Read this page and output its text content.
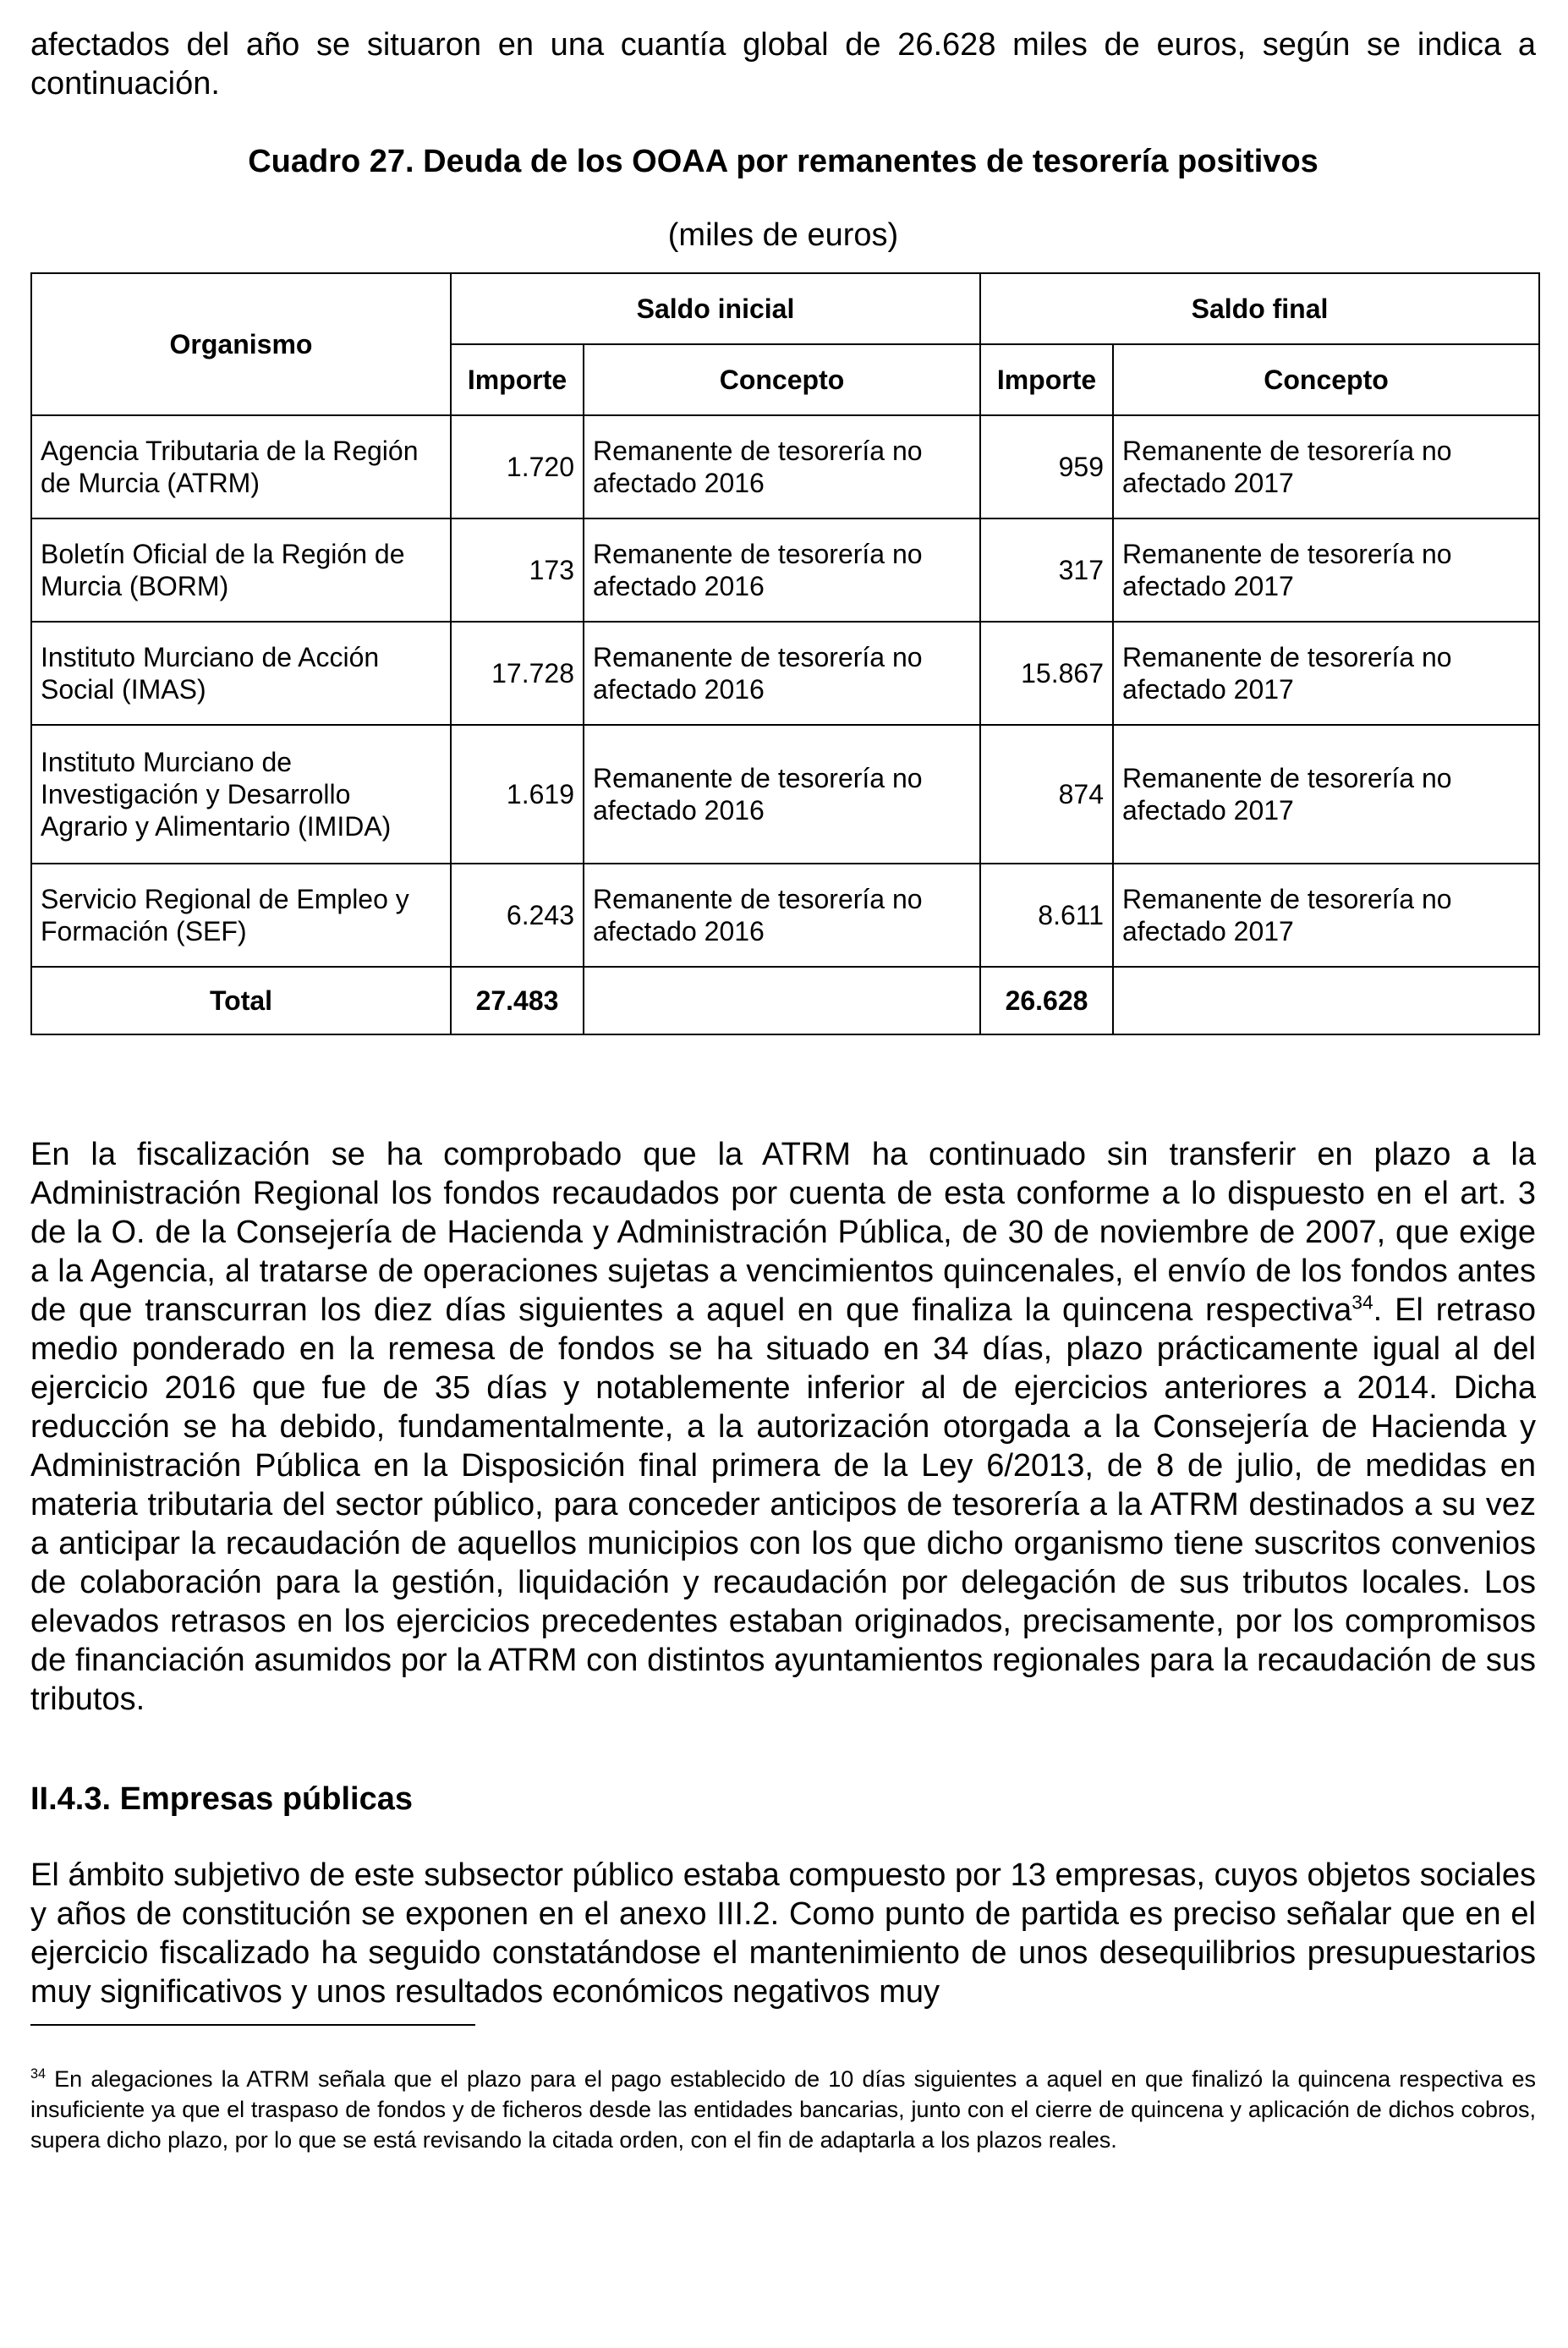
afectados del año se situaron en una cuantía global de 26.628 miles de euros, según se indica a continuación.

Cuadro 27. Deuda de los OOAA por remanentes de tesorería positivos

(miles de euros)

Organismo	Saldo inicial		Saldo final	
	Importe	Concepto	Importe	Concepto
Agencia Tributaria de la Región de Murcia (ATRM)	1.720	Remanente de tesorería no afectado 2016	959	Remanente de tesorería no afectado 2017
Boletín Oficial de la Región de Murcia (BORM)	173	Remanente de tesorería no afectado 2016	317	Remanente de tesorería no afectado 2017
Instituto Murciano de Acción Social (IMAS)	17.728	Remanente de tesorería no afectado 2016	15.867	Remanente de tesorería no afectado 2017
Instituto Murciano de Investigación y Desarrollo Agrario y Alimentario (IMIDA)	1.619	Remanente de tesorería no afectado 2016	874	Remanente de tesorería no afectado 2017
Servicio Regional de Empleo y Formación (SEF)	6.243	Remanente de tesorería no afectado 2016	8.611	Remanente de tesorería no afectado 2017
Total	27.483		26.628	

En la fiscalización se ha comprobado que la ATRM ha continuado sin transferir en plazo a la Administración Regional los fondos recaudados por cuenta de esta conforme a lo dispuesto en el art. 3 de la O. de la Consejería de Hacienda y Administración Pública, de 30 de noviembre de 2007, que exige a la Agencia, al tratarse de operaciones sujetas a vencimientos quincenales, el envío de los fondos antes de que transcurran los diez días siguientes a aquel en que finaliza la quincena respectiva$^{34}$. El retraso medio ponderado en la remesa de fondos se ha situado en 34 días, plazo prácticamente igual al del ejercicio 2016 que fue de 35 días y notablemente inferior al de ejercicios anteriores a 2014. Dicha reducción se ha debido, fundamentalmente, a la autorización otorgada a la Consejería de Hacienda y Administración Pública en la Disposición final primera de la Ley 6/2013, de 8 de julio, de medidas en materia tributaria del sector público, para conceder anticipos de tesorería a la ATRM destinados a su vez a anticipar la recaudación de aquellos municipios con los que dicho organismo tiene suscritos convenios de colaboración para la gestión, liquidación y recaudación por delegación de sus tributos locales. Los elevados retrasos en los ejercicios precedentes estaban originados, precisamente, por los compromisos de financiación asumidos por la ATRM con distintos ayuntamientos regionales para la recaudación de sus tributos.

II.4.3. Empresas públicas

El ámbito subjetivo de este subsector público estaba compuesto por 13 empresas, cuyos objetos sociales y años de constitución se exponen en el anexo III.2. Como punto de partida es preciso señalar que en el ejercicio fiscalizado ha seguido constatándose el mantenimiento de unos desequilibrios presupuestarios muy significativos y unos resultados económicos negativos muy

$^{34}$ En alegaciones la ATRM señala que el plazo para el pago establecido de 10 días siguientes a aquel en que finalizó la quincena respectiva es insuficiente ya que el traspaso de fondos y de ficheros desde las entidades bancarias, junto con el cierre de quincena y aplicación de dichos cobros, supera dicho plazo, por lo que se está revisando la citada orden, con el fin de adaptarla a los plazos reales.
